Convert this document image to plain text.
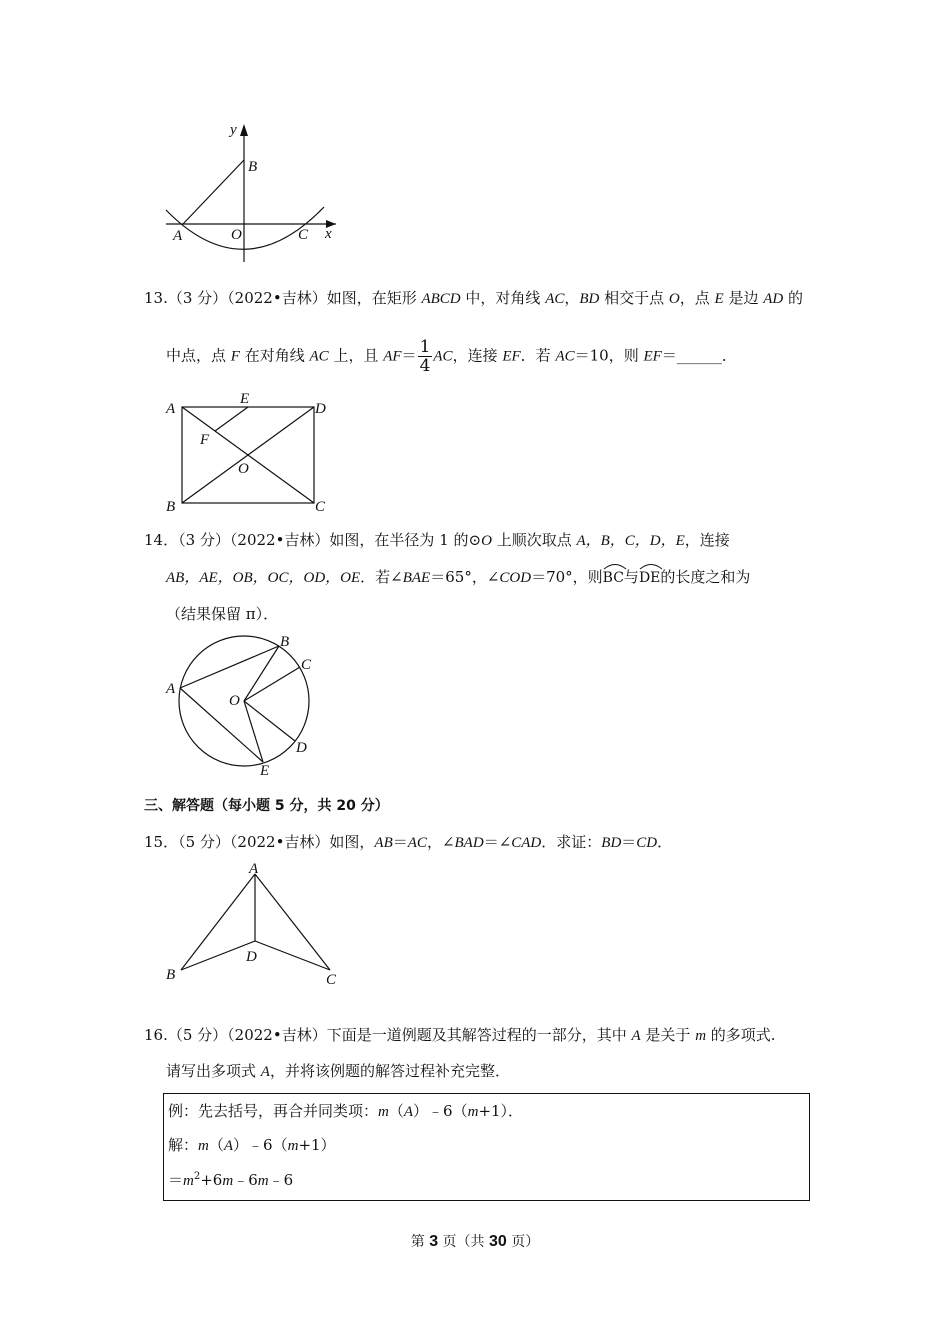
y
B
A	O	C x
13.（3 分）（2022•吉林）如图，在矩形 ABCD 中，对角线 AC，BD 相交于点 O，点 E 是边 AD 的
中点，点 F 在对角线 AC 上，且 $AF= \frac{1}{4}$ AC，连接 EF．若 AC＝10，则 EF＝______．
A
E
D
F
O
B	C
14．（3 分）（2022•吉林）如图，在半径为 1 的⊙O 上顺次取点 A，B，C，D，E，连接
AB，AE，OB，OC，OD，OE．若∠BAE＝65°，∠COD＝70°，则
BC与
DE的长度之和为
（结果保留 π）．
A
B
C
O
D
E
三、解答题（每小题 5 分，共 20 分）
15．（5 分）（2022•吉林）如图，AB＝AC，∠BAD＝∠CAD．求证：BD＝CD．
A
D
B	C
16.（5 分）（2022•吉林）下面是一道例题及其解答过程的一部分，其中 A 是关于 m 的多项式.
请写出多项式 A，并将该例题的解答过程补充完整．
例：先去括号，再合并同类项：m（A）﹣6（m+1）．
解：m（A）﹣6（m+1）
$=m^2+6m﹣6m﹣6$
第 3 页（共 30 页）
